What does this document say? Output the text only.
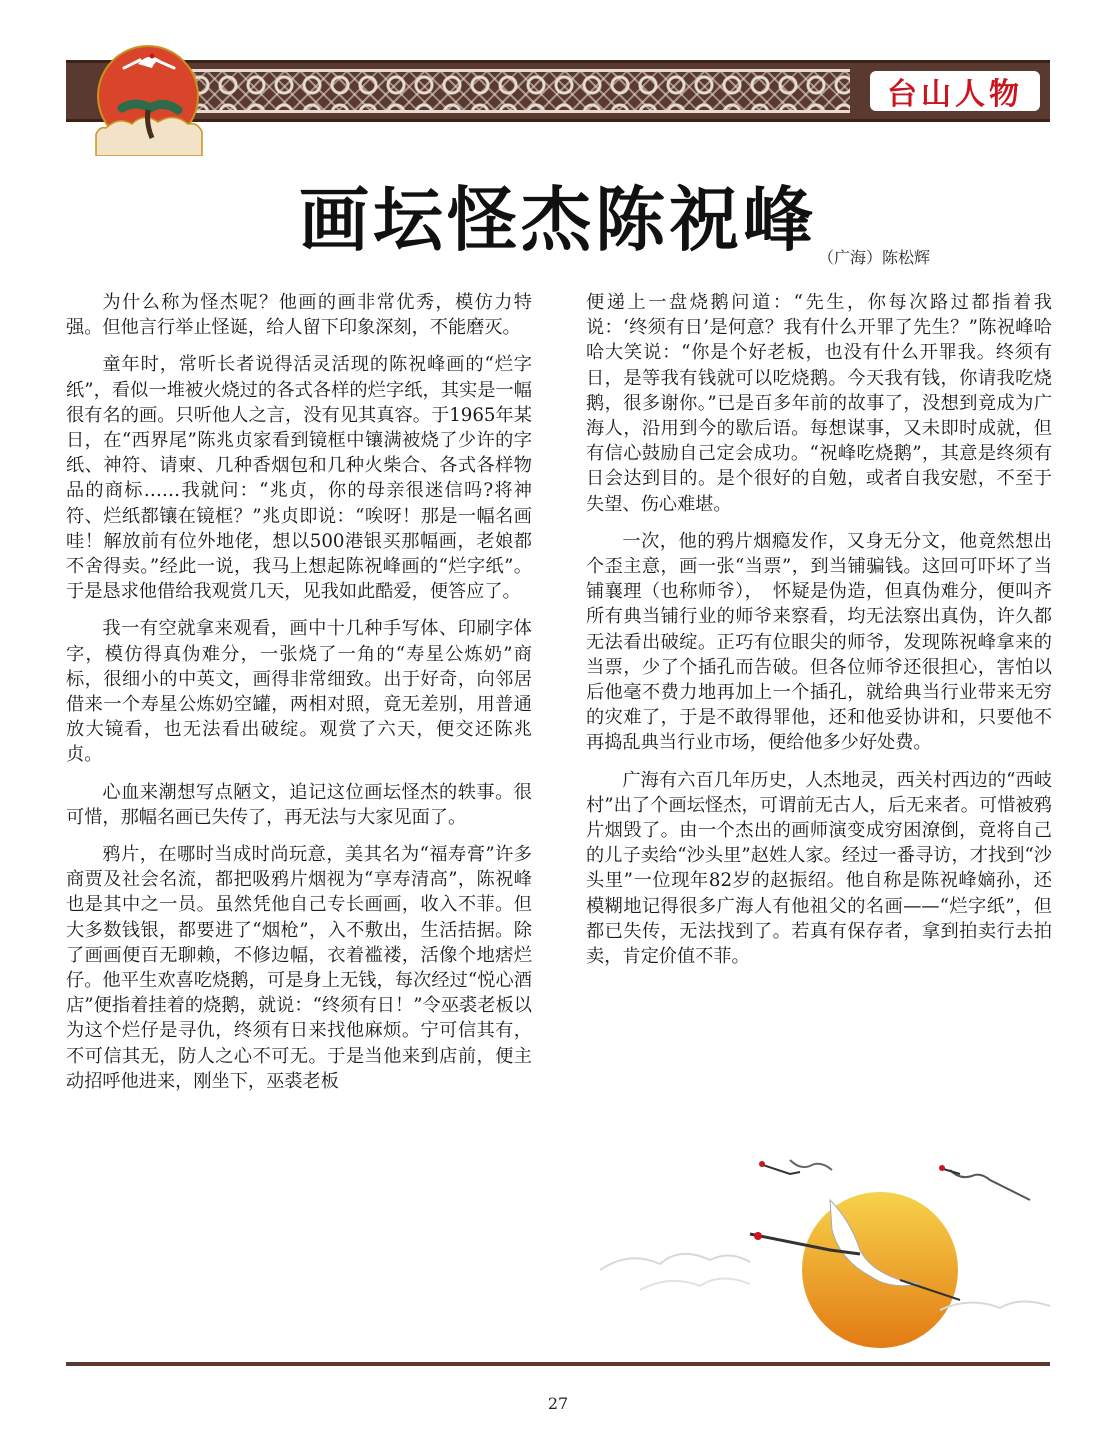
台山人物
画坛怪杰陈祝峰 （广海）陈松辉

为什么称为怪杰呢？他画的画非常优秀，模仿力特强。但他言行举止怪诞，给人留下印象深刻，不能磨灭。

童年时，常听长者说得活灵活现的陈祝峰画的“烂字纸”，看似一堆被火烧过的各式各样的烂字纸，其实是一幅很有名的画。只听他人之言，没有见其真容。于1965年某日，在“西界尾”陈兆贞家看到镜框中镶满被烧了少许的字纸、神符、请柬、几种香烟包和几种火柴合、各式各样物品的商标……我就问：“兆贞，你的母亲很迷信吗?将神符、烂纸都镶在镜框？”兆贞即说：“唉呀！那是一幅名画哇！解放前有位外地佬，想以500港银买那幅画，老娘都不舍得卖。”经此一说，我马上想起陈祝峰画的“烂字纸”。于是恳求他借给我观赏几天，见我如此酷爱，便答应了。

我一有空就拿来观看，画中十几种手写体、印刷字体字，模仿得真伪难分，一张烧了一角的“寿星公炼奶”商标，很细小的中英文，画得非常细致。出于好奇，向邻居借来一个寿星公炼奶空罐，两相对照，竟无差别，用普通放大镜看，也无法看出破绽。观赏了六天，便交还陈兆贞。

心血来潮想写点陋文，追记这位画坛怪杰的轶事。很可惜，那幅名画已失传了，再无法与大家见面了。

鸦片，在哪时当成时尚玩意，美其名为“福寿膏”许多商贾及社会名流，都把吸鸦片烟视为“享寿清高”，陈祝峰也是其中之一员。虽然凭他自己专长画画，收入不菲。但大多数钱银，都要进了“烟枪”，入不敷出，生活拮据。除了画画便百无聊赖，不修边幅，衣着褴褛，活像个地痞烂仔。他平生欢喜吃烧鹅，可是身上无钱，每次经过“悦心酒店”便指着挂着的烧鹅，就说：“终须有日！”令巫裘老板以为这个烂仔是寻仇，终须有日来找他麻烦。宁可信其有，不可信其无，防人之心不可无。于是当他来到店前，便主动招呼他进来，刚坐下，巫裘老板

便递上一盘烧鹅问道：“先生，你每次路过都指着我说：‘终须有日’是何意？我有什么开罪了先生？”陈祝峰哈哈大笑说：“你是个好老板，也没有什么开罪我。终须有日，是等我有钱就可以吃烧鹅。今天我有钱，你请我吃烧鹅，很多谢你。”已是百多年前的故事了，没想到竟成为广海人，沿用到今的歇后语。每想谋事，又未即时成就，但有信心鼓励自己定会成功。“祝峰吃烧鹅”，其意是终须有日会达到目的。是个很好的自勉，或者自我安慰，不至于失望、伤心难堪。

一次，他的鸦片烟瘾发作，又身无分文，他竟然想出个歪主意，画一张“当票”，到当铺骗钱。这回可吓坏了当铺襄理（也称师爷），　怀疑是伪造，但真伪难分，便叫齐所有典当铺行业的师爷来察看，均无法察出真伪，许久都无法看出破绽。正巧有位眼尖的师爷，发现陈祝峰拿来的当票，少了个插孔而告破。但各位师爷还很担心，害怕以后他毫不费力地再加上一个插孔，就给典当行业带来无穷的灾难了，于是不敢得罪他，还和他妥协讲和，只要他不再捣乱典当行业市场，便给他多少好处费。

广海有六百几年历史，人杰地灵，西关村西边的“西岐村”出了个画坛怪杰，可谓前无古人，后无来者。可惜被鸦片烟毁了。由一个杰出的画师演变成穷困潦倒，竟将自己的儿子卖给“沙头里”赵姓人家。经过一番寻访，才找到“沙头里”一位现年82岁的赵振绍。他自称是陈祝峰嫡孙，还模糊地记得很多广海人有他祖父的名画——“烂字纸”，但都已失传，无法找到了。若真有保存者，拿到拍卖行去拍卖，肯定价值不菲。

27
